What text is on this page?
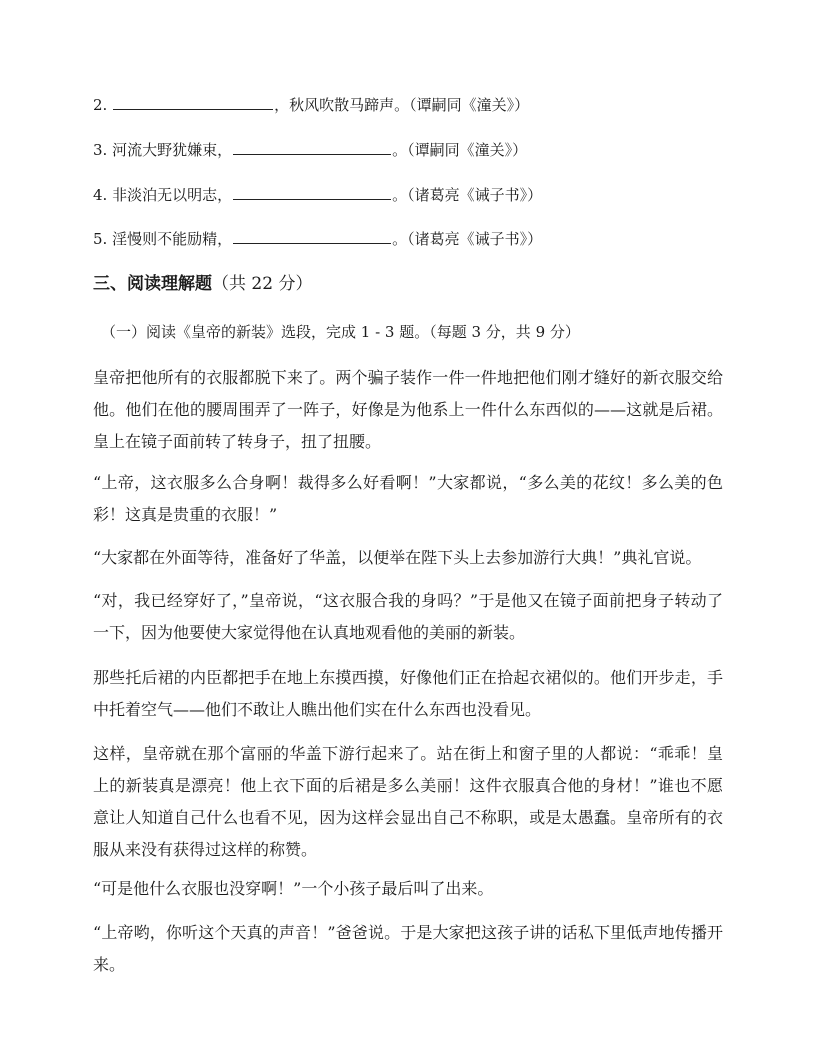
2.	，秋风吹散马蹄声。（谭嗣同《潼关》）
3. 河流大野犹嫌束，	。（谭嗣同《潼关》）
4. 非淡泊无以明志，	。（诸葛亮《诫子书》）
5. 淫慢则不能励精，	。（诸葛亮《诫子书》）
三、阅读理解题（共 22 分）
（一）阅读《皇帝的新装》选段，完成 1 - 3 题。（每题 3 分，共 9 分）

皇帝把他所有的衣服都脱下来了。两个骗子装作一件一件地把他们刚才缝好的新衣服交给他。他们在他的腰周围弄了一阵子，好像是为他系上一件什么东西似的——这就是后裙。皇上在镜子面前转了转身子，扭了扭腰。

“上帝，这衣服多么合身啊！裁得多么好看啊！”大家都说，“多么美的花纹！多么美的色彩！这真是贵重的衣服！”

“大家都在外面等待，准备好了华盖，以便举在陛下头上去参加游行大典！”典礼官说。

“对，我已经穿好了，”皇帝说，“这衣服合我的身吗？”于是他又在镜子面前把身子转动了一下，因为他要使大家觉得他在认真地观看他的美丽的新装。

那些托后裙的内臣都把手在地上东摸西摸，好像他们正在拾起衣裙似的。他们开步走，手中托着空气——他们不敢让人瞧出他们实在什么东西也没看见。

这样，皇帝就在那个富丽的华盖下游行起来了。站在街上和窗子里的人都说：“乖乖！皇上的新装真是漂亮！他上衣下面的后裙是多么美丽！这件衣服真合他的身材！”谁也不愿意让人知道自己什么也看不见，因为这样会显出自己不称职，或是太愚蠢。皇帝所有的衣服从来没有获得过这样的称赞。

“可是他什么衣服也没穿啊！”一个小孩子最后叫了出来。

“上帝哟，你听这个天真的声音！”爸爸说。于是大家把这孩子讲的话私下里低声地传播开来。
